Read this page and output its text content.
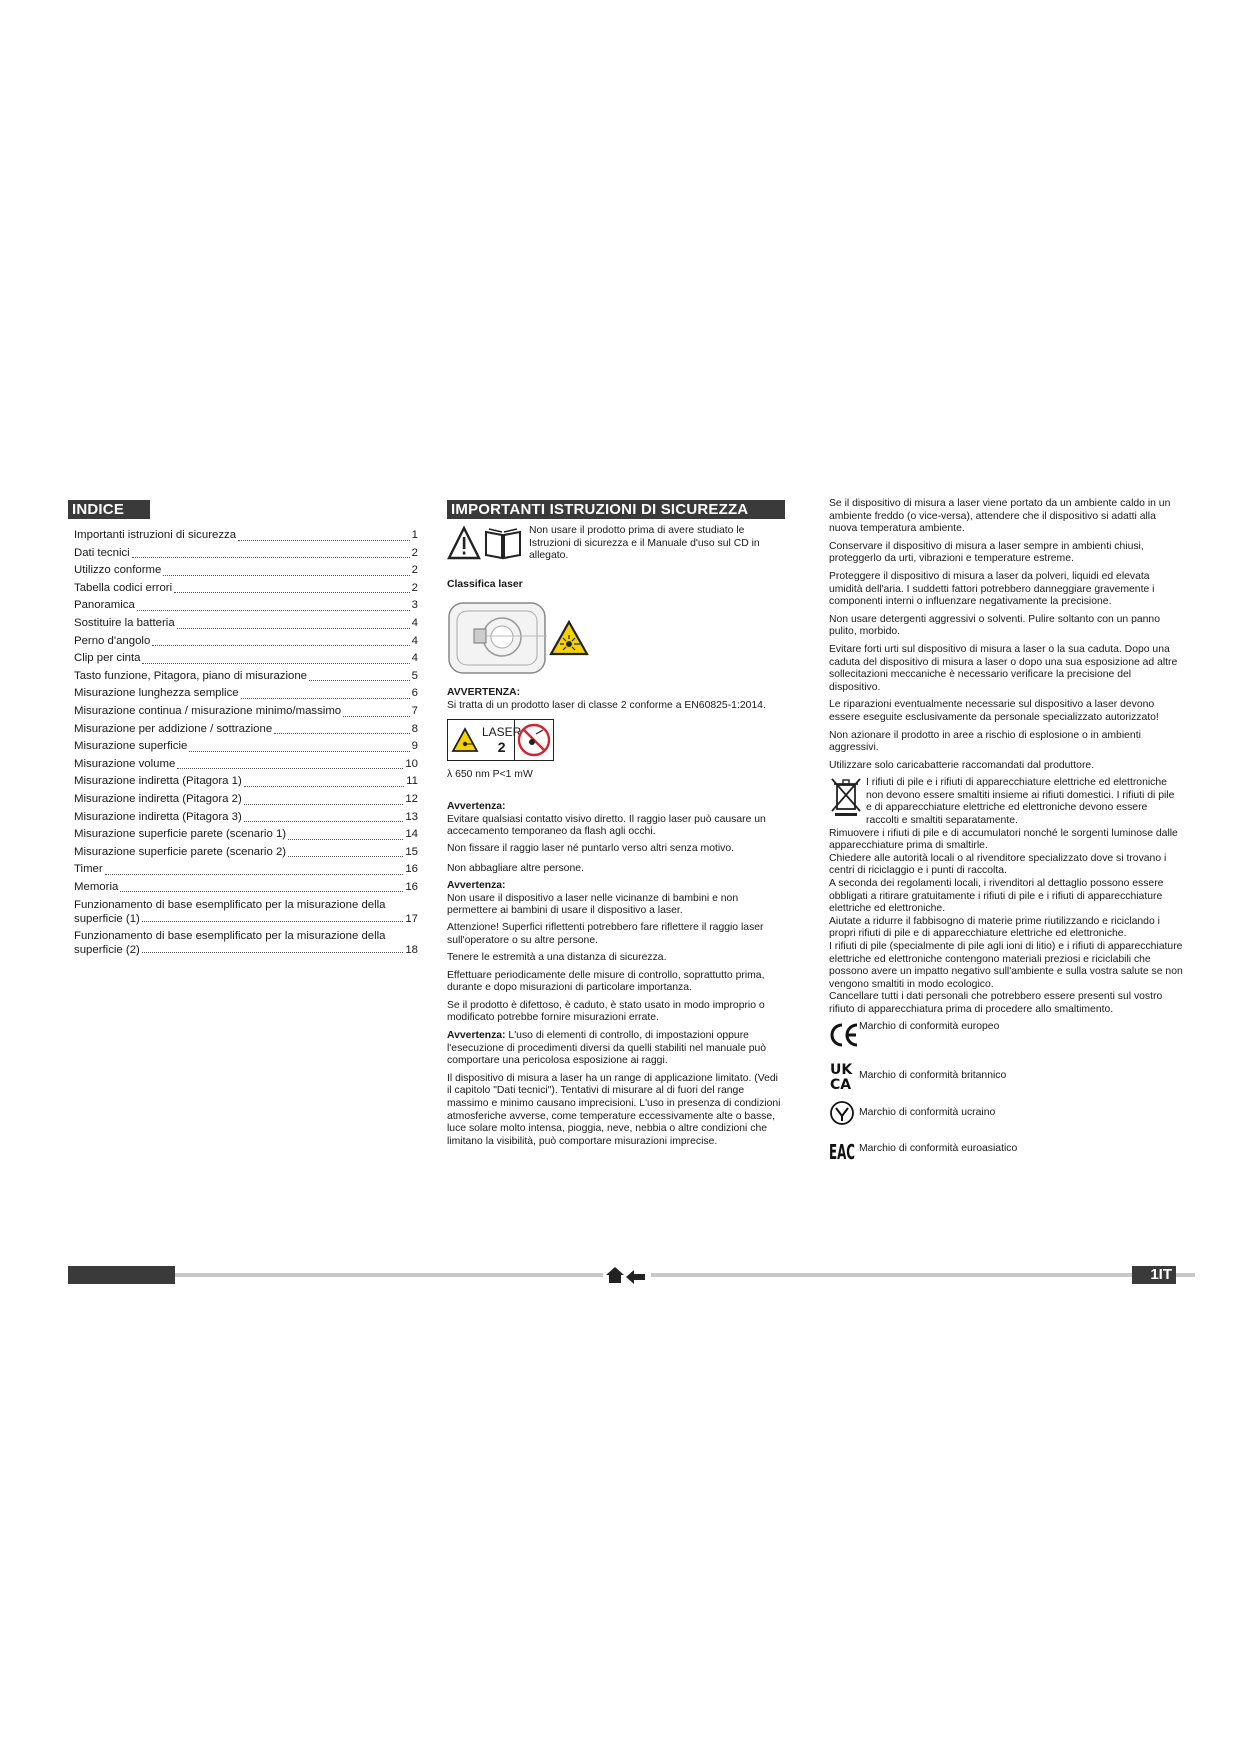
INDICE
Importanti istruzioni di sicurezza	1
Dati tecnici	2
Utilizzo conforme	2
Tabella codici errori	2
Panoramica	3
Sostituire la batteria	4
Perno d'angolo	4
Clip per cinta	4
Tasto funzione, Pitagora, piano di misurazione	5
Misurazione lunghezza semplice	6
Misurazione continua / misurazione minimo/massimo	7
Misurazione per addizione / sottrazione	8
Misurazione superficie	9
Misurazione volume	10
Misurazione indiretta (Pitagora 1)	11
Misurazione indiretta (Pitagora 2)	12
Misurazione indiretta (Pitagora 3)	13
Misurazione superficie parete (scenario 1)	14
Misurazione superficie parete (scenario 2)	15
Timer	16
Memoria	16
Funzionamento di base esemplificato per la misurazione della
superficie (1)	17
Funzionamento di base esemplificato per la misurazione della
superficie (2)	18
IMPORTANTI ISTRUZIONI DI SICUREZZA
Non usare il prodotto prima di avere studiato le Istruzioni di sicurezza e il Manuale d'uso sul CD in allegato.
Classifica laser
AVVERTENZA:
Si tratta di un prodotto laser di classe 2 conforme a EN60825-1:2014.
LASER
2
λ 650 nm P<1 mW
Avvertenza:
Evitare qualsiasi contatto visivo diretto. Il raggio laser può causare un accecamento temporaneo da flash agli occhi.
Non fissare il raggio laser né puntarlo verso altri senza motivo.
Non abbagliare altre persone.
Avvertenza:
Non usare il dispositivo a laser nelle vicinanze di bambini e non permettere ai bambini di usare il dispositivo a laser.
Attenzione! Superfici riflettenti potrebbero fare riflettere il raggio laser sull'operatore o su altre persone.
Tenere le estremità a una distanza di sicurezza.
Effettuare periodicamente delle misure di controllo, soprattutto prima, durante e dopo misurazioni di particolare importanza.
Se il prodotto è difettoso, è caduto, è stato usato in modo improprio o modificato potrebbe fornire misurazioni errate.
Avvertenza: L'uso di elementi di controllo, di impostazioni oppure l'esecuzione di procedimenti diversi da quelli stabiliti nel manuale può comportare una pericolosa esposizione ai raggi.
Il dispositivo di misura a laser ha un range di applicazione limitato. (Vedi il capitolo "Dati tecnici"). Tentativi di misurare al di fuori del range massimo e minimo causano imprecisioni. L'uso in presenza di condizioni atmosferiche avverse, come temperature eccessivamente alte o basse, luce solare molto intensa, pioggia, neve, nebbia o altre condizioni che limitano la visibilità, può comportare misurazioni imprecise.
Se il dispositivo di misura a laser viene portato da un ambiente caldo in un ambiente freddo (o vice-versa), attendere che il dispositivo si adatti alla nuova temperatura ambiente.
Conservare il dispositivo di misura a laser sempre in ambienti chiusi, proteggerlo da urti, vibrazioni e temperature estreme.
Proteggere il dispositivo di misura a laser da polveri, liquidi ed elevata umidità dell'aria. I suddetti fattori potrebbero danneggiare gravemente i componenti interni o influenzare negativamente la precisione.
Non usare detergenti aggressivi o solventi. Pulire soltanto con un panno pulito, morbido.
Evitare forti urti sul dispositivo di misura a laser o la sua caduta. Dopo una caduta del dispositivo di misura a laser o dopo una sua esposizione ad altre sollecitazioni meccaniche è necessario verificare la precisione del dispositivo.
Le riparazioni eventualmente necessarie sul dispositivo a laser devono essere eseguite esclusivamente da personale specializzato autorizzato!
Non azionare il prodotto in aree a rischio di esplosione o in ambienti aggressivi.
Utilizzare solo caricabatterie raccomandati dal produttore.
I rifiuti di pile e i rifiuti di apparecchiature elettriche ed elettroniche non devono essere smaltiti insieme ai rifiuti domestici. I rifiuti di pile e di apparecchiature elettriche ed elettroniche devono essere raccolti e smaltiti separatamente.
Rimuovere i rifiuti di pile e di accumulatori nonché le sorgenti luminose dalle apparecchiature prima di smaltirle.
Chiedere alle autorità locali o al rivenditore specializzato dove si trovano i centri di riciclaggio e i punti di raccolta.
A seconda dei regolamenti locali, i rivenditori al dettaglio possono essere obbligati a ritirare gratuitamente i rifiuti di pile e i rifiuti di apparecchiature elettriche ed elettroniche.
Aiutate a ridurre il fabbisogno di materie prime riutilizzando e riciclando i propri rifiuti di pile e di apparecchiature elettriche ed elettroniche.
I rifiuti di pile (specialmente di pile agli ioni di litio) e i rifiuti di apparecchiature elettriche ed elettroniche contengono materiali preziosi e riciclabili che possono avere un impatto negativo sull'ambiente e sulla vostra salute se non vengono smaltiti in modo ecologico.
Cancellare tutti i dati personali che potrebbero essere presenti sul vostro rifiuto di apparecchiatura prima di procedere allo smaltimento.
Marchio di conformità europeo
UK
CA
Marchio di conformità britannico
Marchio di conformità ucraino
EAC Marchio di conformità euroasiatico
1IT
